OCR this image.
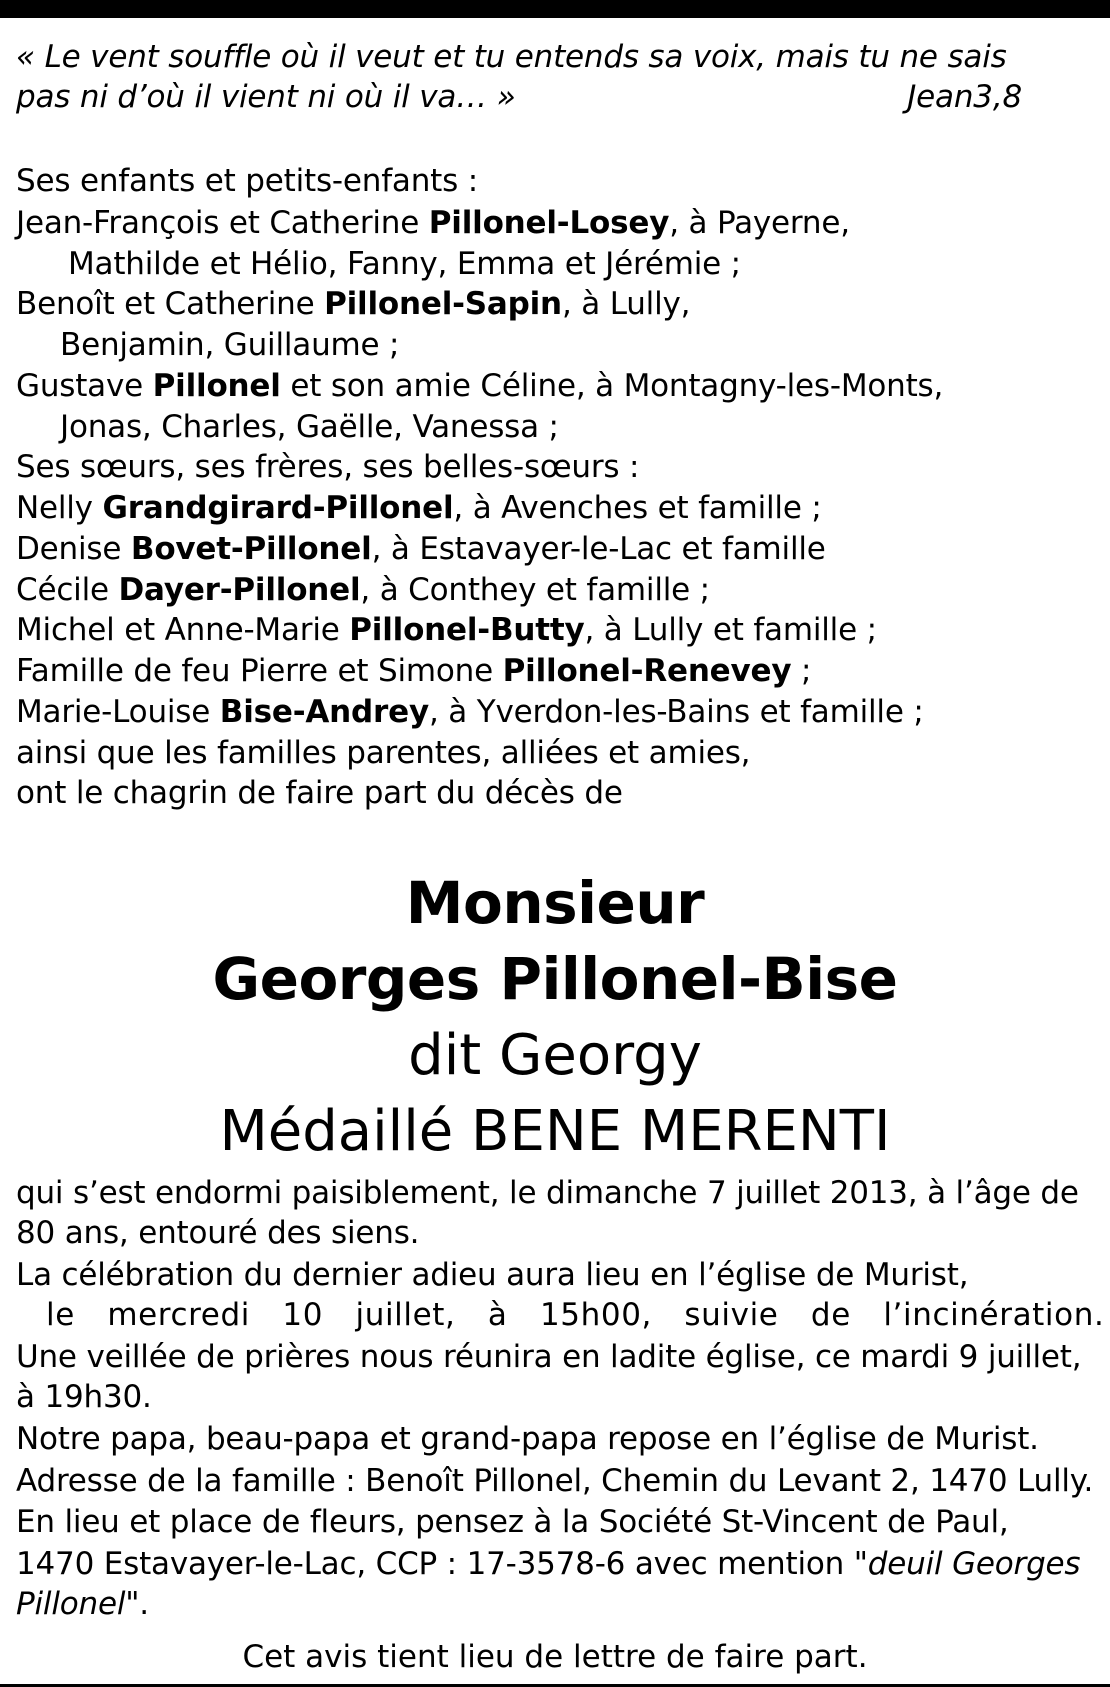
« Le vent souffle où il veut et tu entends sa voix, mais tu ne sais
pas ni d’où il vient ni où il va… »	Jean3,8
Ses enfants et petits-enfants :
Jean-François et Catherine Pillonel-Losey, à Payerne,
Mathilde et Hélio, Fanny, Emma et Jérémie ;
Benoît et Catherine Pillonel-Sapin, à Lully,
Benjamin, Guillaume ;
Gustave Pillonel et son amie Céline, à Montagny-les-Monts,
Jonas, Charles, Gaëlle, Vanessa ;
Ses sœurs, ses frères, ses belles-sœurs :
Nelly Grandgirard-Pillonel, à Avenches et famille ;
Denise Bovet-Pillonel, à Estavayer-le-Lac et famille
Cécile Dayer-Pillonel, à Conthey et famille ;
Michel et Anne-Marie Pillonel-Butty, à Lully et famille ;
Famille de feu Pierre et Simone Pillonel-Renevey ;
Marie-Louise Bise-Andrey, à Yverdon-les-Bains et famille ;
ainsi que les familles parentes, alliées et amies,
ont le chagrin de faire part du décès de
Monsieur
Georges Pillonel-Bise
dit Georgy
Médaillé BENE MERENTI
qui s’est endormi paisiblement, le dimanche 7 juillet 2013, à l’âge de
80 ans, entouré des siens.
La célébration du dernier adieu aura lieu en l’église de Murist,
le mercredi 10 juillet, à 15h00, suivie de l’incinération.
Une veillée de prières nous réunira en ladite église, ce mardi 9 juillet,
à 19h30.
Notre papa, beau-papa et grand-papa repose en l’église de Murist.
Adresse de la famille : Benoît Pillonel, Chemin du Levant 2, 1470 Lully.
En lieu et place de fleurs, pensez à la Société St-Vincent de Paul,
1470 Estavayer-le-Lac, CCP : 17-3578-6 avec mention "deuil Georges
Pillonel".
Cet avis tient lieu de lettre de faire part.
